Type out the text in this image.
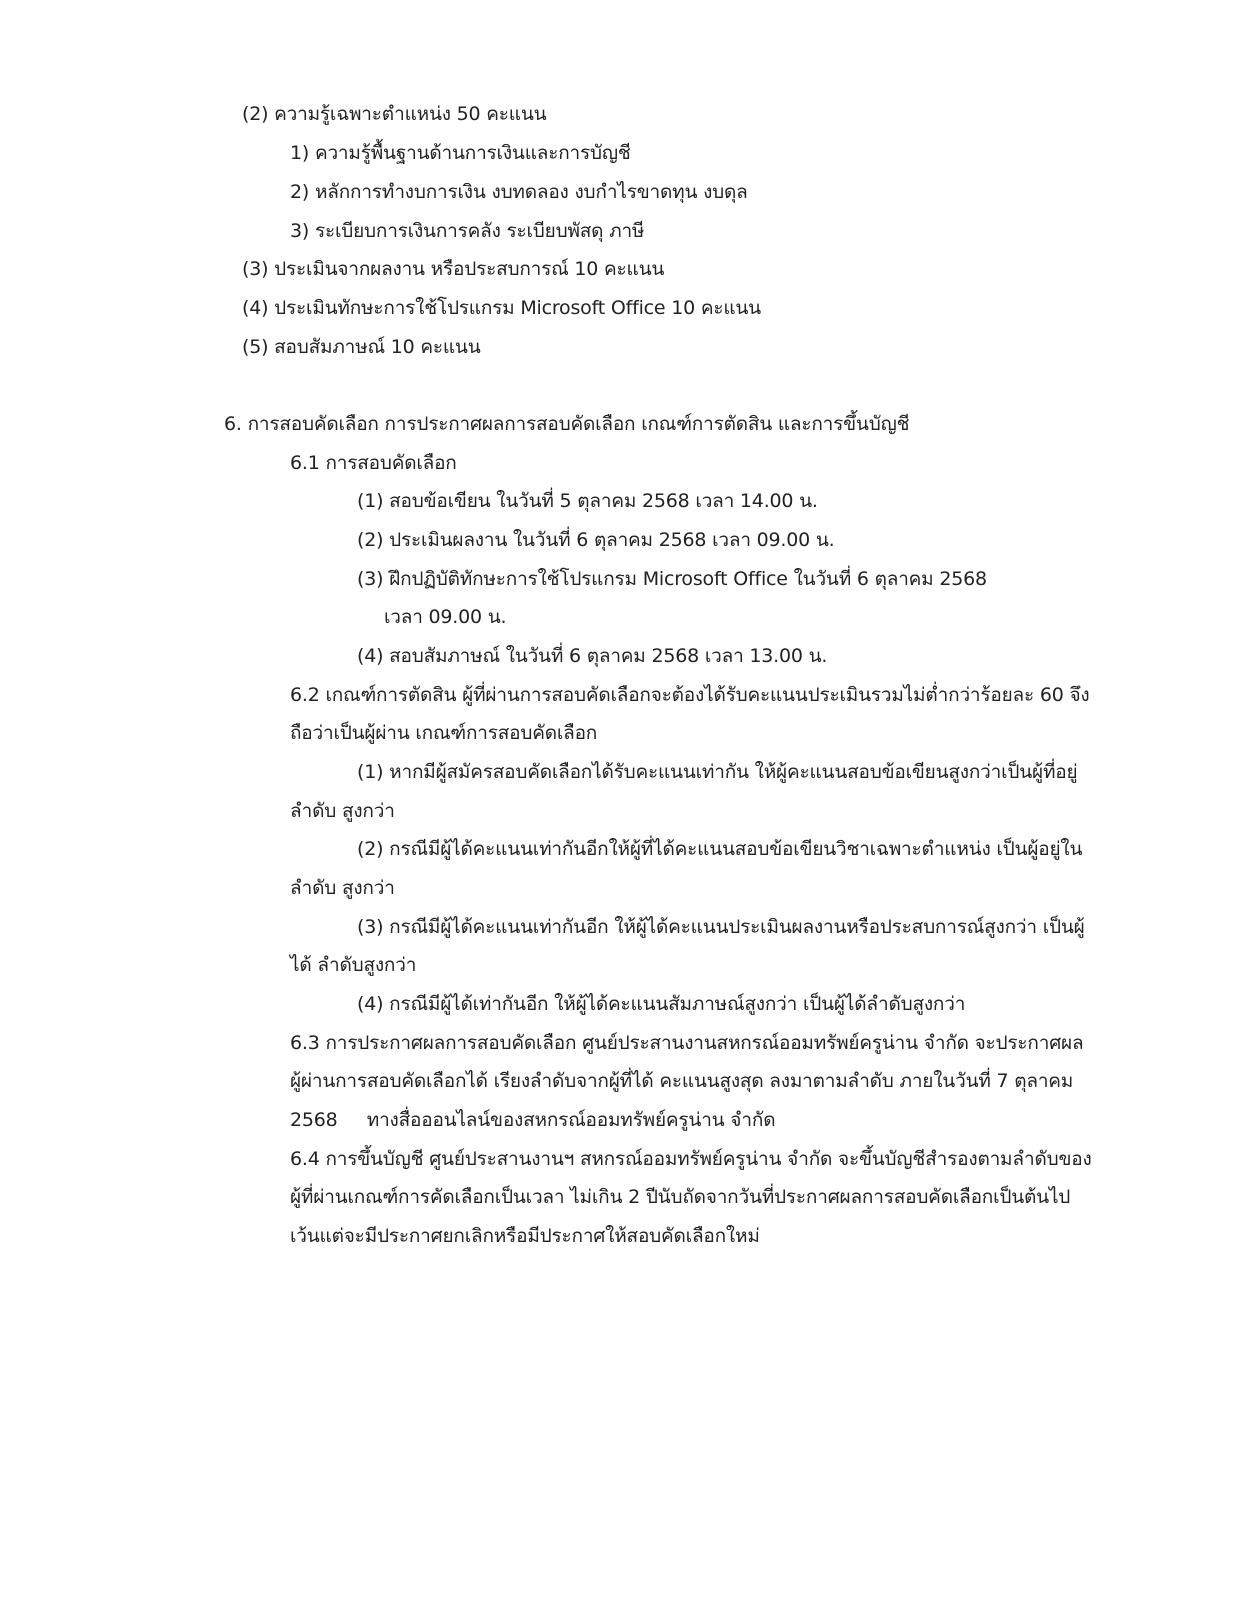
(2) ความรู้เฉพาะตำแหน่ง 50 คะแนน
1) ความรู้พื้นฐานด้านการเงินและการบัญชี
2) หลักการทำงบการเงิน งบทดลอง งบกำไรขาดทุน งบดุล
3) ระเบียบการเงินการคลัง ระเบียบพัสดุ ภาษี
(3) ประเมินจากผลงาน หรือประสบการณ์ 10 คะแนน
(4) ประเมินทักษะการใช้โปรแกรม Microsoft Office 10 คะแนน
(5) สอบสัมภาษณ์ 10 คะแนน
6. การสอบคัดเลือก การประกาศผลการสอบคัดเลือก เกณฑ์การตัดสิน และการขึ้นบัญชี
6.1 การสอบคัดเลือก
(1) สอบข้อเขียน ในวันที่ 5 ตุลาคม 2568 เวลา 14.00 น.
(2) ประเมินผลงาน ในวันที่ 6 ตุลาคม 2568 เวลา 09.00 น.
(3) ฝึกปฏิบัติทักษะการใช้โปรแกรม Microsoft Office ในวันที่ 6 ตุลาคม 2568
เวลา 09.00 น.
(4) สอบสัมภาษณ์ ในวันที่ 6 ตุลาคม 2568 เวลา 13.00 น.
6.2 เกณฑ์การตัดสิน ผู้ที่ผ่านการสอบคัดเลือกจะต้องได้รับคะแนนประเมินรวมไม่ต่ำกว่าร้อยละ 60 จึง
ถือว่าเป็นผู้ผ่าน เกณฑ์การสอบคัดเลือก
(1) หากมีผู้สมัครสอบคัดเลือกได้รับคะแนนเท่ากัน ให้ผู้คะแนนสอบข้อเขียนสูงกว่าเป็นผู้ที่อยู่
ลำดับ สูงกว่า
(2) กรณีมีผู้ได้คะแนนเท่ากันอีกให้ผู้ที่ได้คะแนนสอบข้อเขียนวิชาเฉพาะตำแหน่ง เป็นผู้อยู่ใน
ลำดับ สูงกว่า
(3) กรณีมีผู้ได้คะแนนเท่ากันอีก ให้ผู้ได้คะแนนประเมินผลงานหรือประสบการณ์สูงกว่า เป็นผู้
ได้ ลำดับสูงกว่า
(4) กรณีมีผู้ได้เท่ากันอีก ให้ผู้ได้คะแนนสัมภาษณ์สูงกว่า เป็นผู้ได้ลำดับสูงกว่า
6.3 การประกาศผลการสอบคัดเลือก ศูนย์ประสานงานสหกรณ์ออมทรัพย์ครูน่าน จำกัด จะประกาศผล
ผู้ผ่านการสอบคัดเลือกได้ เรียงลำดับจากผู้ที่ได้ คะแนนสูงสุด ลงมาตามลำดับ ภายในวันที่ 7 ตุลาคม
2568     ทางสื่อออนไลน์ของสหกรณ์ออมทรัพย์ครูน่าน จำกัด
6.4 การขึ้นบัญชี ศูนย์ประสานงานฯ สหกรณ์ออมทรัพย์ครูน่าน จำกัด จะขึ้นบัญชีสำรองตามลำดับของ
ผู้ที่ผ่านเกณฑ์การคัดเลือกเป็นเวลา ไม่เกิน 2 ปีนับถัดจากวันที่ประกาศผลการสอบคัดเลือกเป็นต้นไป
เว้นแต่จะมีประกาศยกเลิกหรือมีประกาศให้สอบคัดเลือกใหม่
